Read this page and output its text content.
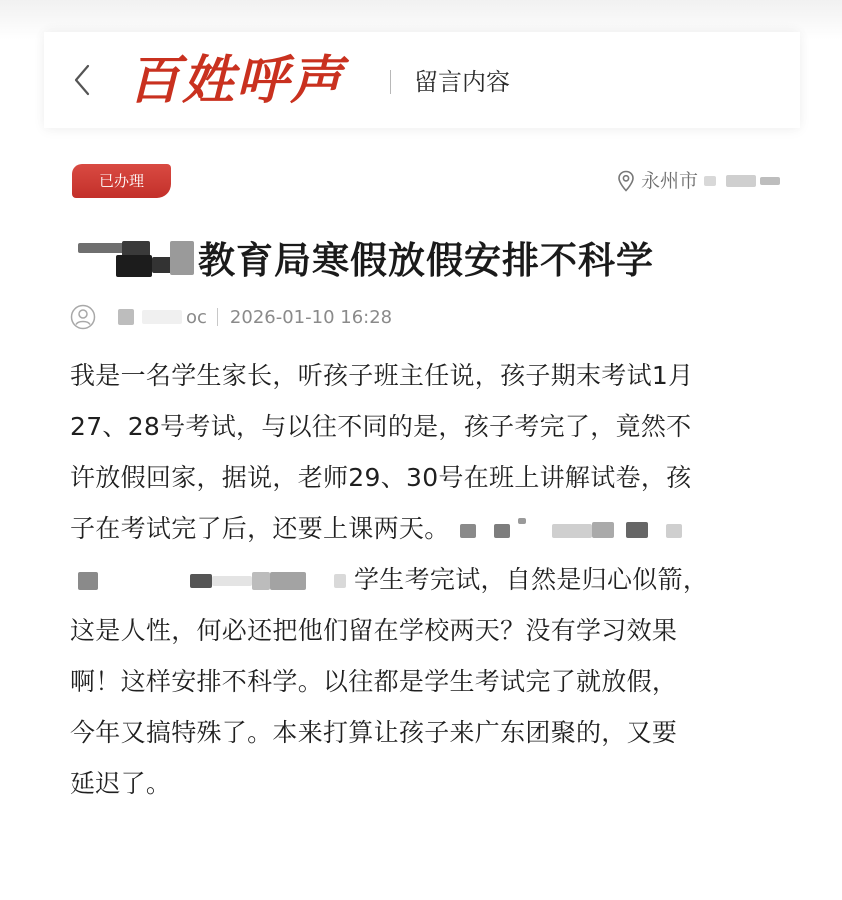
百姓呼声	留言内容
已办理	永州市
教育局寒假放假安排不科学
oc 2026-01-10 16:28
我是一名学生家长，听孩子班主任说，孩子期末考试1月
27、28号考试，与以往不同的是，孩子考完了，竟然不
许放假回家，据说，老师29、30号在班上讲解试卷，孩
子在考试完了后，还要上课两天。
学生考完试，自然是归心似箭，
这是人性，何必还把他们留在学校两天？没有学习效果
啊！这样安排不科学。以往都是学生考试完了就放假，
今年又搞特殊了。本来打算让孩子来广东团聚的，又要
延迟了。
